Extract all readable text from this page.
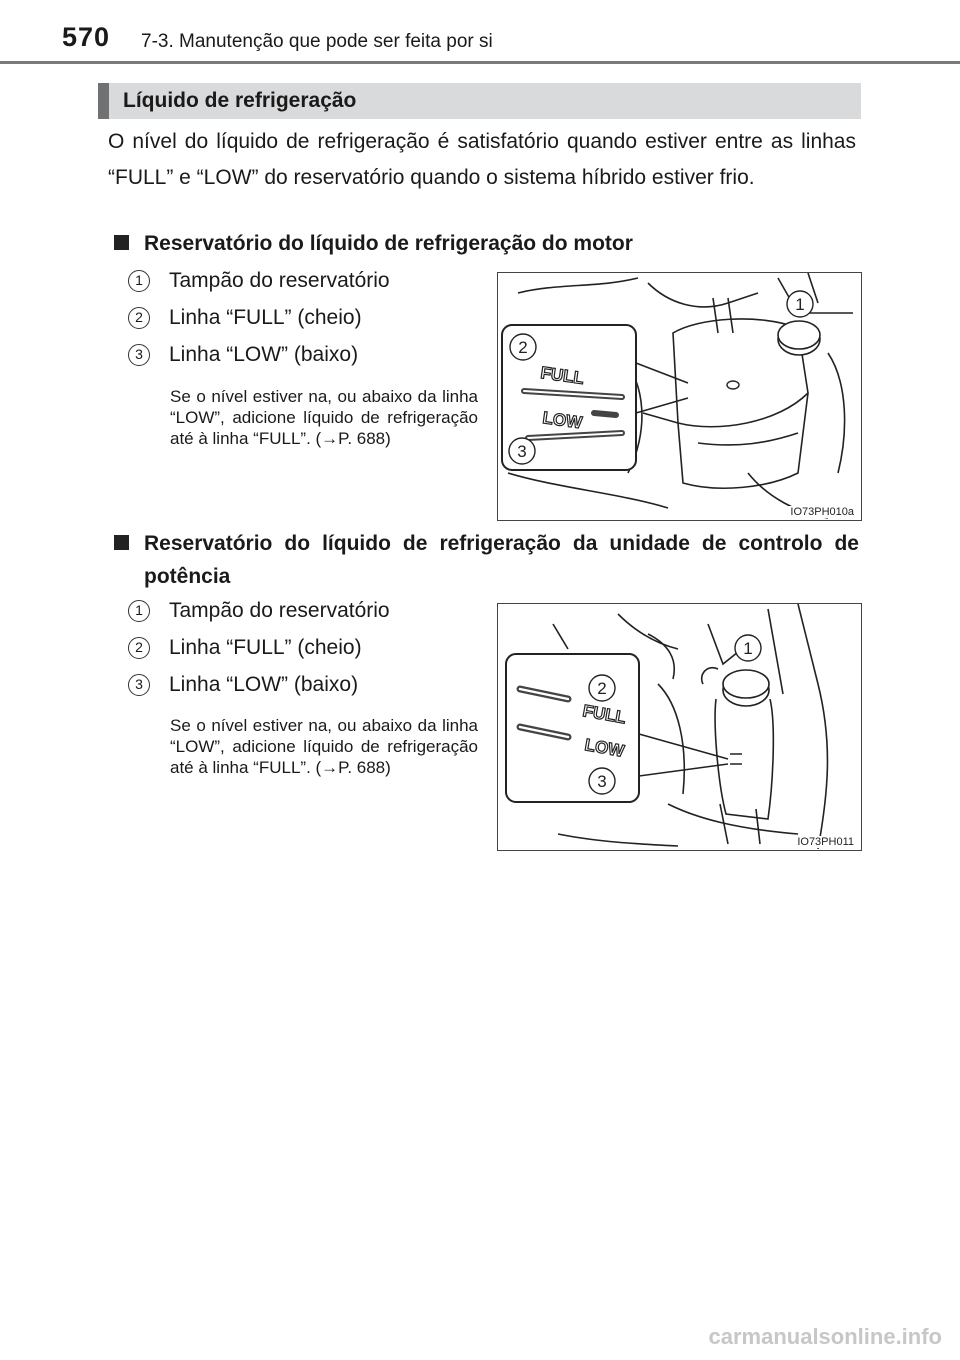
570 7-3. Manutenção que pode ser feita por si
Líquido de refrigeração

O nível do líquido de refrigeração é satisfatório quando estiver entre as linhas “FULL” e “LOW” do reservatório quando o sistema híbrido estiver frio.

Reservatório do líquido de refrigeração do motor
1	Tampão do reservatório
2	Linha “FULL” (cheio)
3	Linha “LOW” (baixo)

Se o nível estiver na, ou abaixo da linha “LOW”, adicione líquido de refrigeração até à linha “FULL”. (→P. 688)

FULL
LOW
1
2
3
IO73PH010a
Reservatório do líquido de refrigeração da unidade de controlo de potência
1	Tampão do reservatório
2	Linha “FULL” (cheio)
3	Linha “LOW” (baixo)

Se o nível estiver na, ou abaixo da linha “LOW”, adicione líquido de refrigeração até à linha “FULL”. (→P. 688)

FULL
LOW
1
2
3
IO73PH011
carmanualsonline.info
